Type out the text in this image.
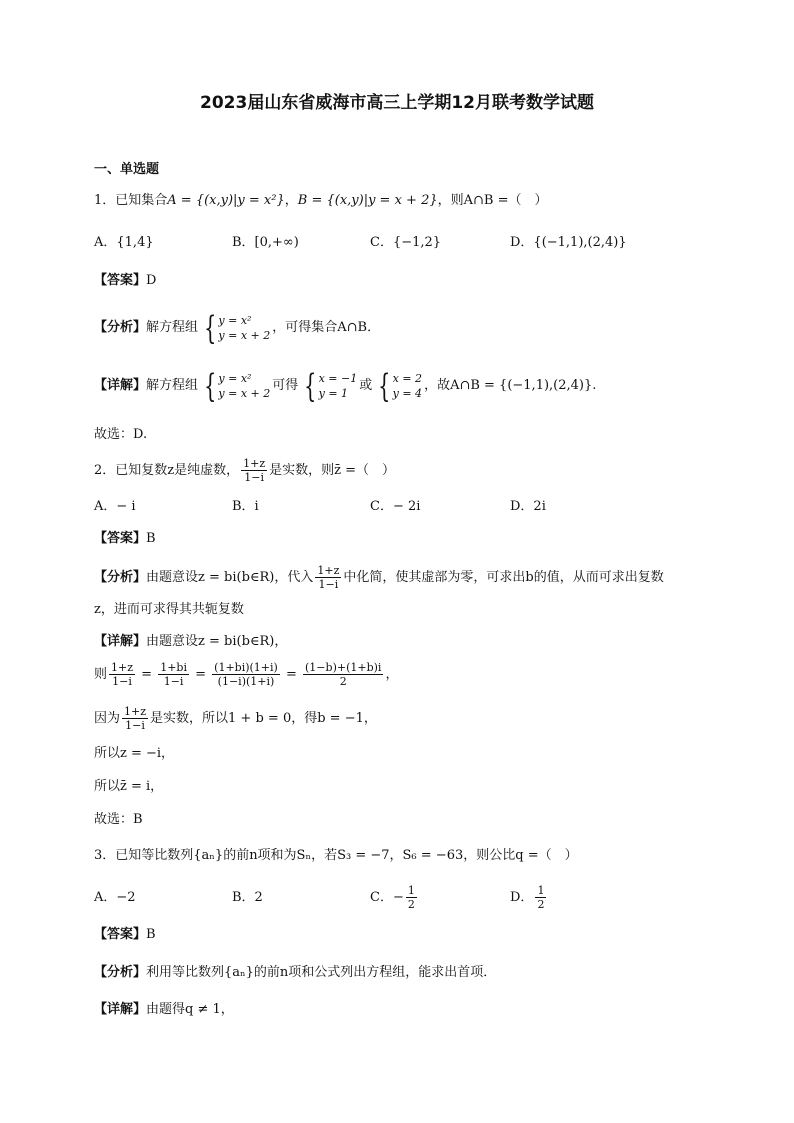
2023届山东省威海市高三上学期12月联考数学试题
一、单选题
1．已知集合A = {(x,y)|y = x²}，B = {(x,y)|y = x + 2}，则A∩B =（　）
A．{1,4}	B．[0,+∞)	C．{−1,2}	D．{(−1,1),(2,4)}
【答案】D
【分析】解方程组 { y = x²
y = x + 2 ，可得集合A∩B．
【详解】解方程组 { y = x²
y = x + 2 可得 { x = −1
y = 1 或 { x = 2
y = 4 ，故A∩B = {(−1,1),(2,4)}.
故选：D.
2．已知复数z是纯虚数， $\frac{1+z}{1-i}$ 是实数，则z̄ =（　）
A．− i	B．i	C．− 2i	D．2i
【答案】B
【分析】由题意设z = bi(b∈R)，代入 $\frac{1+z}{1-i}$ 中化简，使其虚部为零，可求出b的值，从而可求出复数
z，进而可求得其共轭复数
【详解】由题意设z = bi(b∈R)，
则 $\frac{1+z}{1-i} = \frac{1+bi}{1-i} = \frac{(1+bi)(1+i)}{(1-i)(1+i)} = \frac{(1-b)+(1+b)i}{2}$ ，
因为 $\frac{1+z}{1-i}$ 是实数，所以1 + b = 0，得b = −1，
所以z = −i，
所以z̄ = i，
故选：B
3．已知等比数列{aₙ}的前n项和为Sₙ，若S₃ = −7，S₆ = −63，则公比q =（　）
A．−2	B．2	C．− $\frac{1}{2}$	D． $\frac{1}{2}$
【答案】B
【分析】利用等比数列{aₙ}的前n项和公式列出方程组，能求出首项．
【详解】由题得q ≠ 1，
